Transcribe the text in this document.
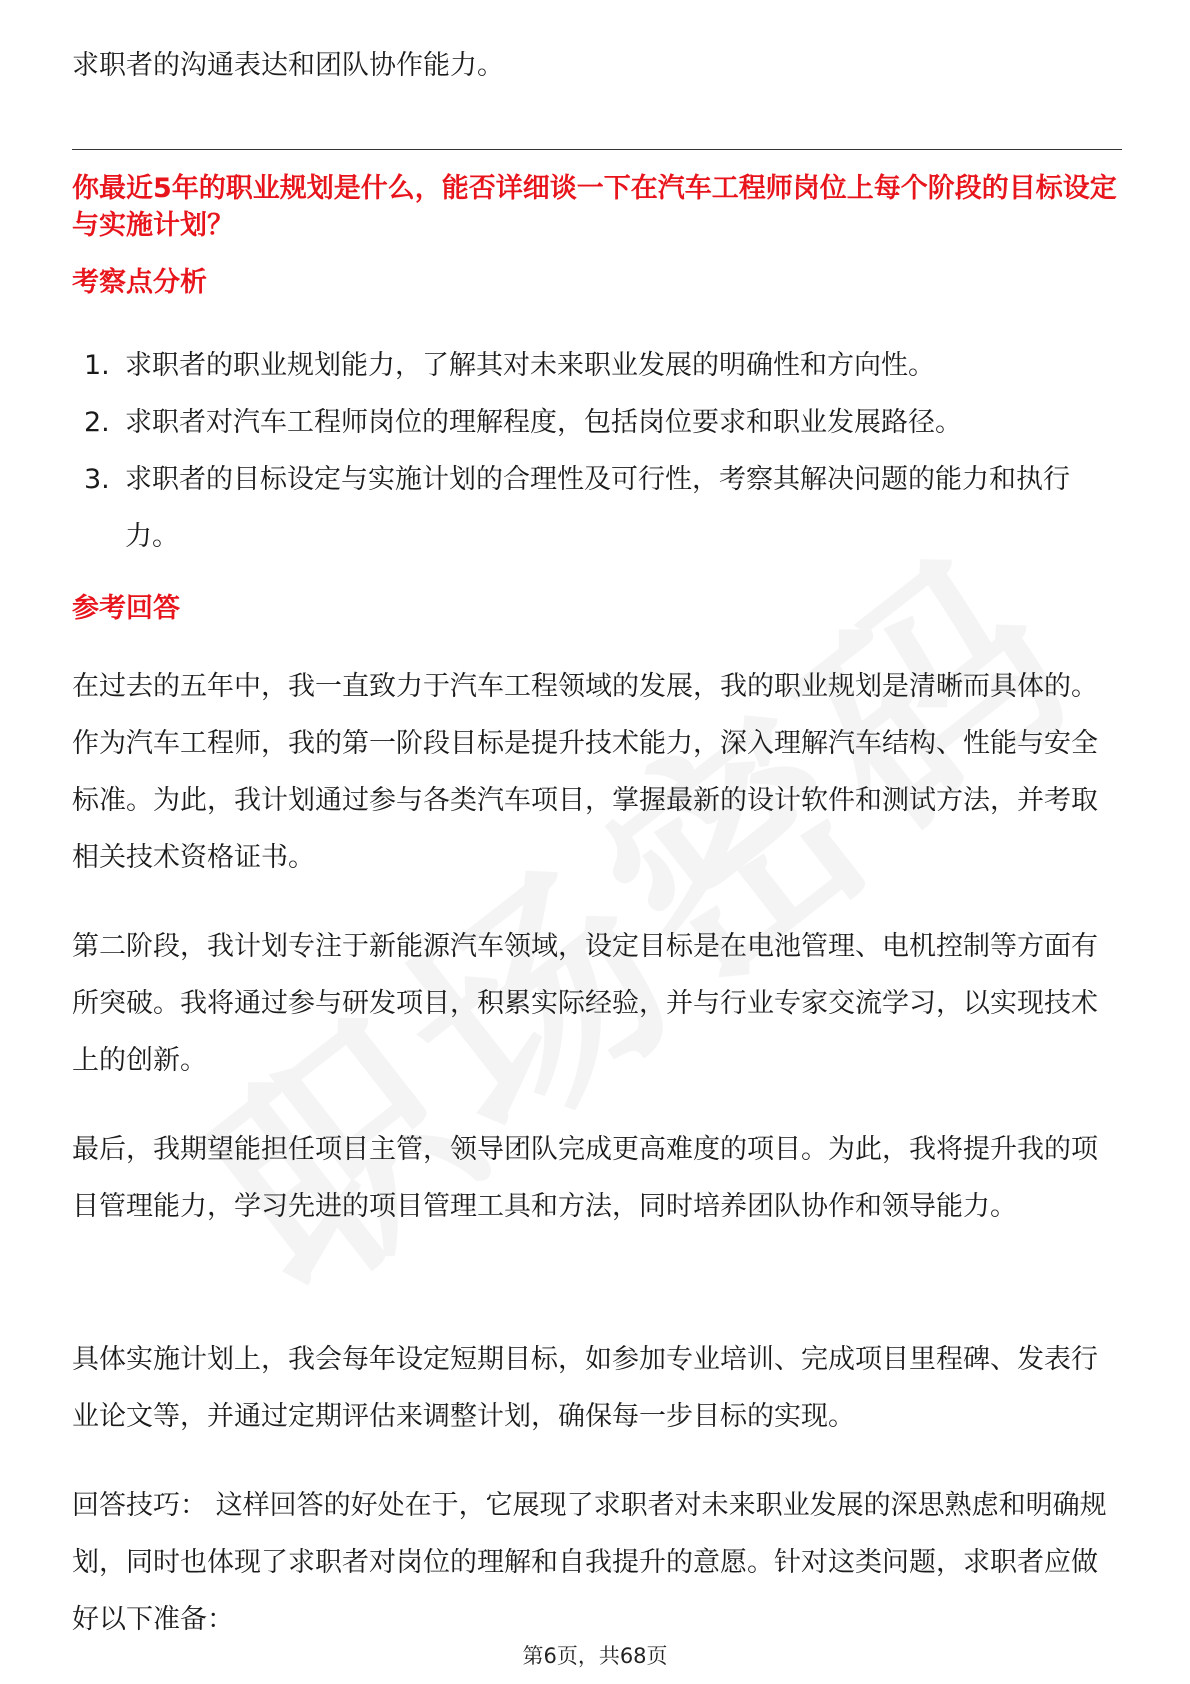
求职者的沟通表达和团队协作能力。
你最近5年的职业规划是什么，能否详细谈一下在汽车工程师岗位上每个阶段的目标设定与实施计划？
考察点分析
1. 求职者的职业规划能力，了解其对未来职业发展的明确性和方向性。
2. 求职者对汽车工程师岗位的理解程度，包括岗位要求和职业发展路径。
3. 求职者的目标设定与实施计划的合理性及可行性，考察其解决问题的能力和执行力。
参考回答

在过去的五年中，我一直致力于汽车工程领域的发展，我的职业规划是清晰而具体的。作为汽车工程师，我的第一阶段目标是提升技术能力，深入理解汽车结构、性能与安全标准。为此，我计划通过参与各类汽车项目，掌握最新的设计软件和测试方法，并考取相关技术资格证书。

第二阶段，我计划专注于新能源汽车领域，设定目标是在电池管理、电机控制等方面有所突破。我将通过参与研发项目，积累实际经验，并与行业专家交流学习，以实现技术上的创新。

最后，我期望能担任项目主管，领导团队完成更高难度的项目。为此，我将提升我的项目管理能力，学习先进的项目管理工具和方法，同时培养团队协作和领导能力。

具体实施计划上，我会每年设定短期目标，如参加专业培训、完成项目里程碑、发表行业论文等，并通过定期评估来调整计划，确保每一步目标的实现。

回答技巧： 这样回答的好处在于，它展现了求职者对未来职业发展的深思熟虑和明确规划，同时也体现了求职者对岗位的理解和自我提升的意愿。针对这类问题，求职者应做好以下准备：

第6页，共68页
